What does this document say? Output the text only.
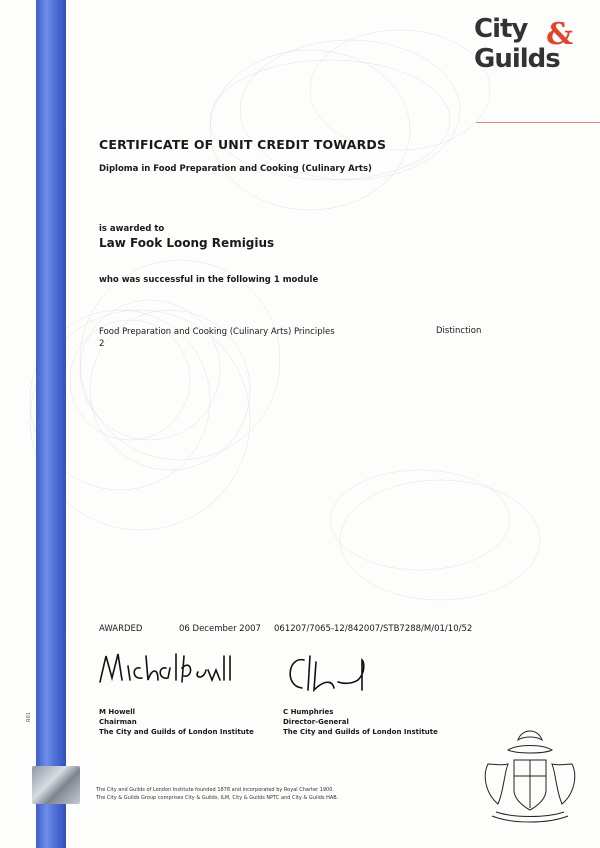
R01
City &
Guilds
CERTIFICATE OF UNIT CREDIT TOWARDS
Diploma in Food Preparation and Cooking (Culinary Arts)
is awarded to
Law Fook Loong Remigius
who was successful in the following 1 module
Food Preparation and Cooking (Culinary Arts) Principles 2
Distinction
AWARDED	06 December 2007 061207/7065-12/842007/STB7288/M/01/10/52
M Howell
Chairman
The City and Guilds of London Institute
C Humphries
Director-General
The City and Guilds of London Institute
The City and Guilds of London Institute founded 1878 and incorporated by Royal Charter 1900.
The City & Guilds Group comprises City & Guilds, ILM, City & Guilds NPTC and City & Guilds HAB.
